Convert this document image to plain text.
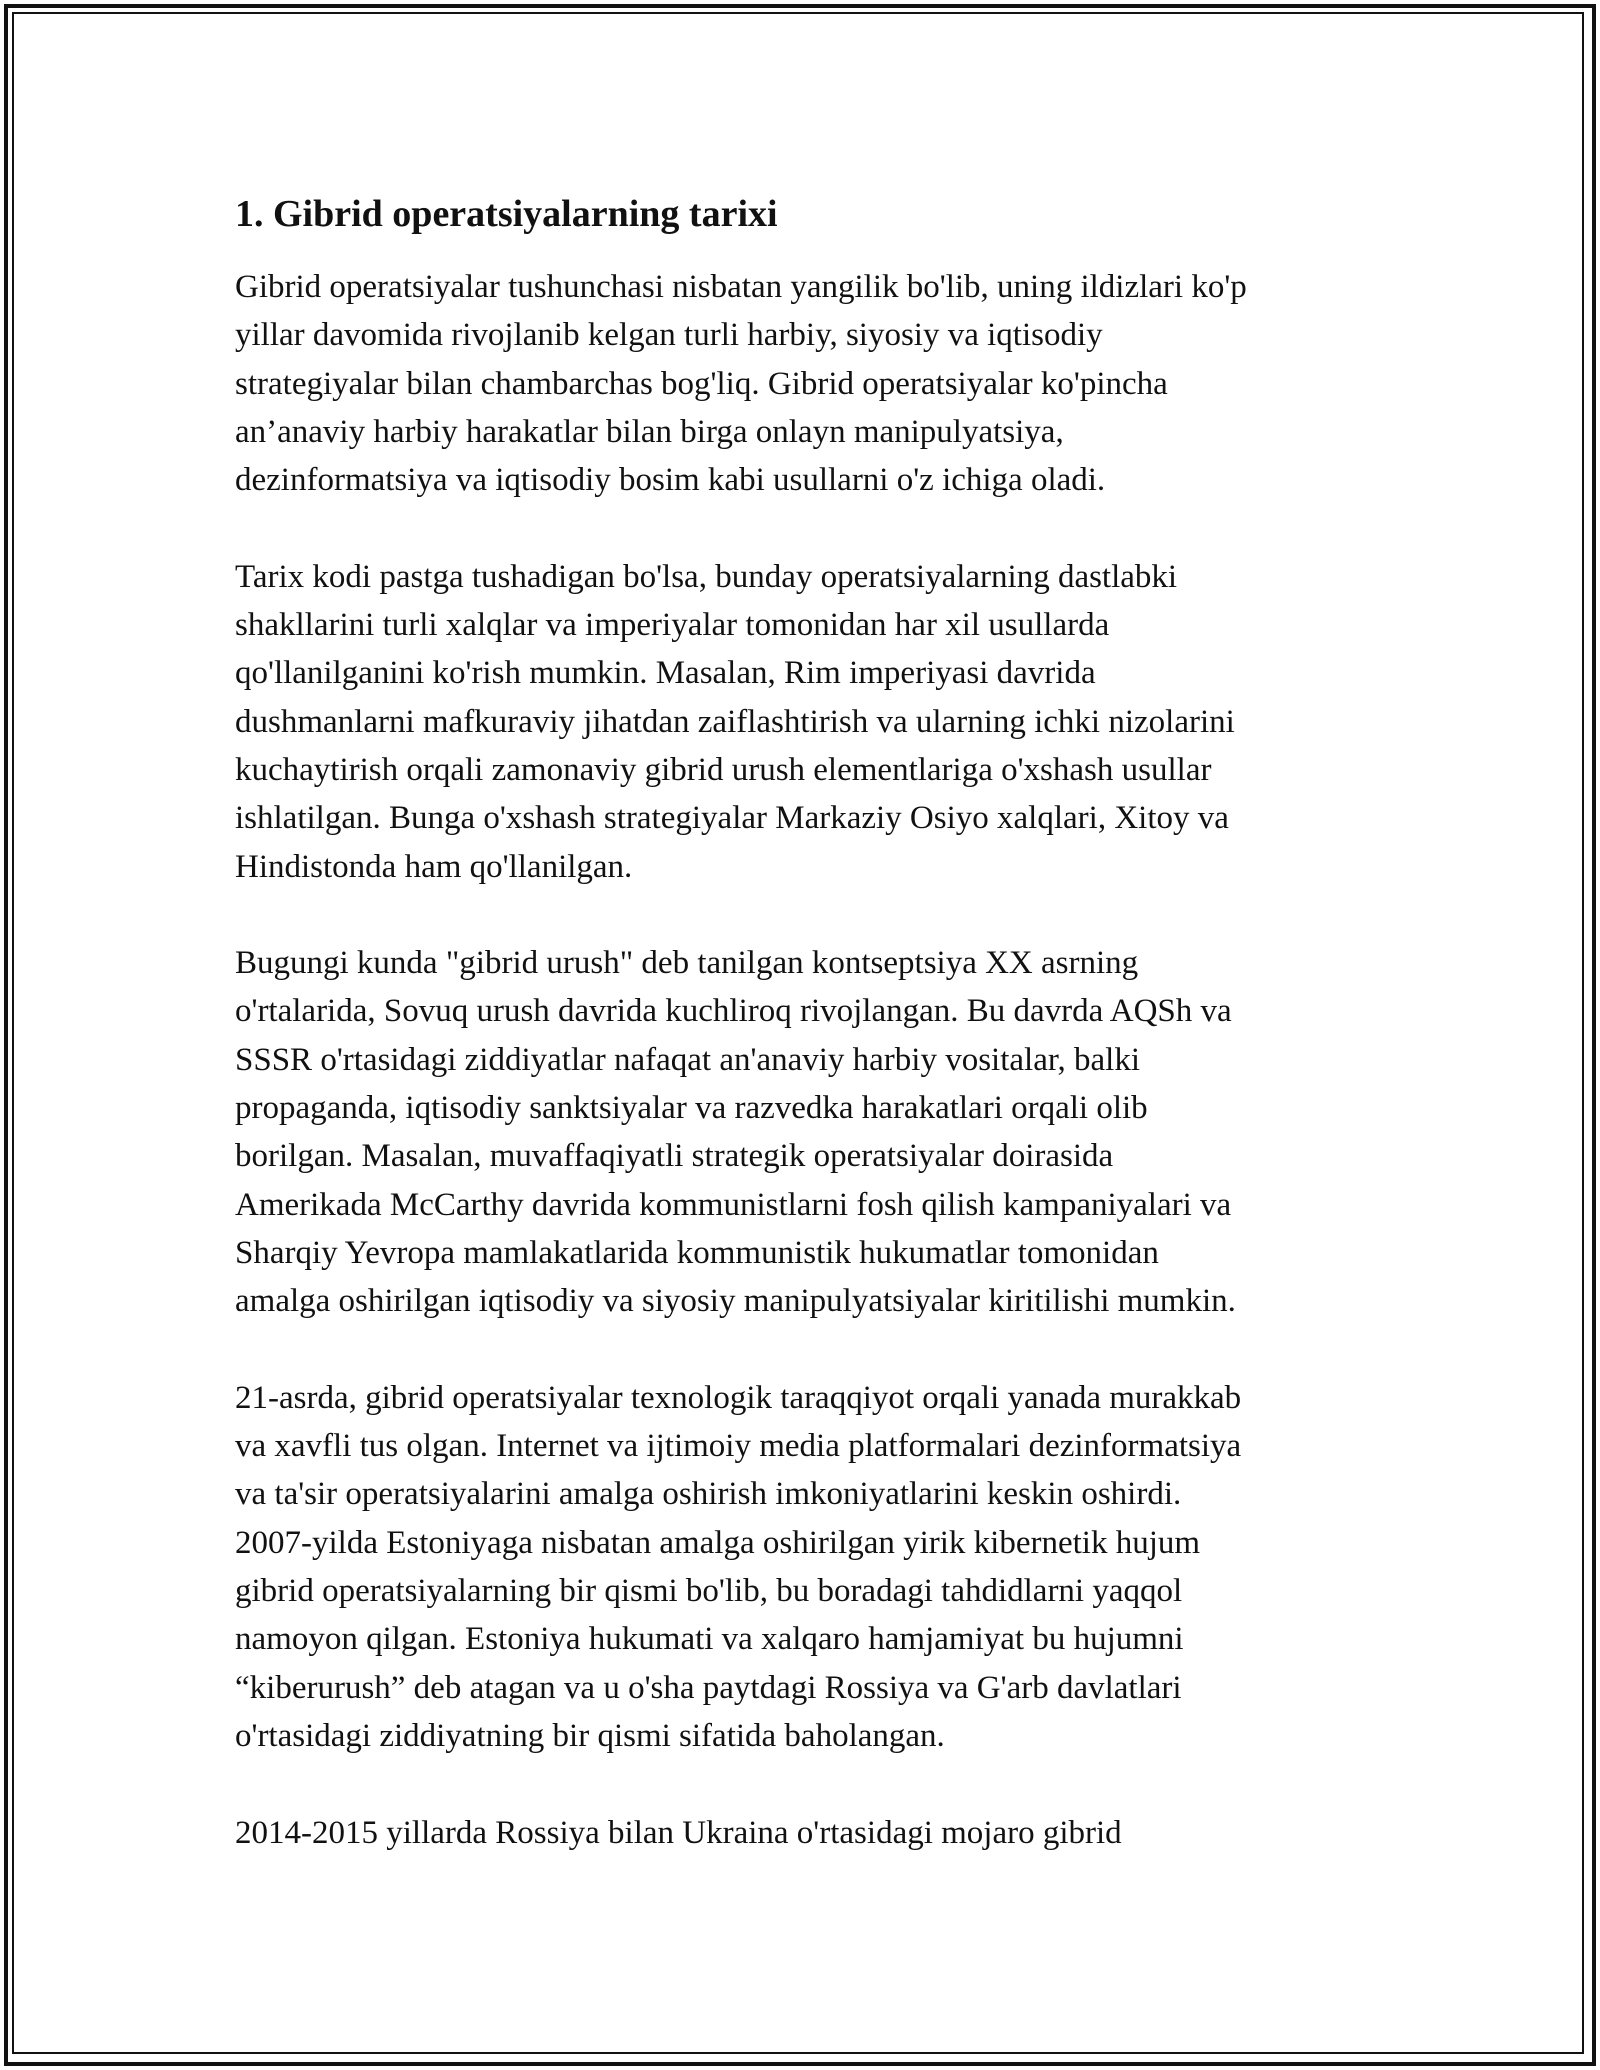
1. Gibrid operatsiyalarning tarixi

Gibrid operatsiyalar tushunchasi nisbatan yangilik bo'lib, uning ildizlari ko'p
yillar davomida rivojlanib kelgan turli harbiy, siyosiy va iqtisodiy
strategiyalar bilan chambarchas bog'liq. Gibrid operatsiyalar ko'pincha
an’anaviy harbiy harakatlar bilan birga onlayn manipulyatsiya,
dezinformatsiya va iqtisodiy bosim kabi usullarni o'z ichiga oladi.

Tarix kodi pastga tushadigan bo'lsa, bunday operatsiyalarning dastlabki
shakllarini turli xalqlar va imperiyalar tomonidan har xil usullarda
qo'llanilganini ko'rish mumkin. Masalan, Rim imperiyasi davrida
dushmanlarni mafkuraviy jihatdan zaiflashtirish va ularning ichki nizolarini
kuchaytirish orqali zamonaviy gibrid urush elementlariga o'xshash usullar
ishlatilgan. Bunga o'xshash strategiyalar Markaziy Osiyo xalqlari, Xitoy va
Hindistonda ham qo'llanilgan.

Bugungi kunda "gibrid urush" deb tanilgan kontseptsiya XX asrning
o'rtalarida, Sovuq urush davrida kuchliroq rivojlangan. Bu davrda AQSh va
SSSR o'rtasidagi ziddiyatlar nafaqat an'anaviy harbiy vositalar, balki
propaganda, iqtisodiy sanktsiyalar va razvedka harakatlari orqali olib
borilgan. Masalan, muvaffaqiyatli strategik operatsiyalar doirasida
Amerikada McCarthy davrida kommunistlarni fosh qilish kampaniyalari va
Sharqiy Yevropa mamlakatlarida kommunistik hukumatlar tomonidan
amalga oshirilgan iqtisodiy va siyosiy manipulyatsiyalar kiritilishi mumkin.

21-asrda, gibrid operatsiyalar texnologik taraqqiyot orqali yanada murakkab
va xavfli tus olgan. Internet va ijtimoiy media platformalari dezinformatsiya
va ta'sir operatsiyalarini amalga oshirish imkoniyatlarini keskin oshirdi.
2007-yilda Estoniyaga nisbatan amalga oshirilgan yirik kibernetik hujum
gibrid operatsiyalarning bir qismi bo'lib, bu boradagi tahdidlarni yaqqol
namoyon qilgan. Estoniya hukumati va xalqaro hamjamiyat bu hujumni
“kiberurush” deb atagan va u o'sha paytdagi Rossiya va G'arb davlatlari
o'rtasidagi ziddiyatning bir qismi sifatida baholangan.

2014-2015 yillarda Rossiya bilan Ukraina o'rtasidagi mojaro gibrid
